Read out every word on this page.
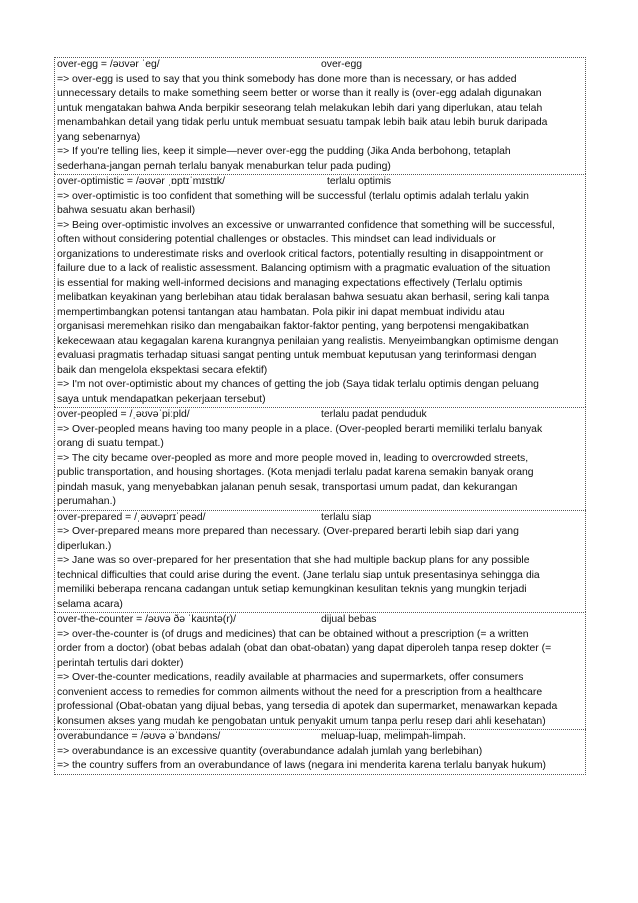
over-egg = /əʊvər ˈeg/	over-egg
=> over-egg is used to say that you think somebody has done more than is necessary, or has added
unnecessary details to make something seem better or worse than it really is (over-egg adalah digunakan
untuk mengatakan bahwa Anda berpikir seseorang telah melakukan lebih dari yang diperlukan, atau telah
menambahkan detail yang tidak perlu untuk membuat sesuatu tampak lebih baik atau lebih buruk daripada
yang sebenarnya)
=> If you're telling lies, keep it simple—never over-egg the pudding (Jika Anda berbohong, tetaplah
sederhana-jangan pernah terlalu banyak menaburkan telur pada puding)
over-optimistic = /əʊvər ˌɒptɪˈmɪstɪk/	terlalu optimis
=> over-optimistic is too confident that something will be successful (terlalu optimis adalah terlalu yakin
bahwa sesuatu akan berhasil)
=> Being over-optimistic involves an excessive or unwarranted confidence that something will be successful,
often without considering potential challenges or obstacles. This mindset can lead individuals or
organizations to underestimate risks and overlook critical factors, potentially resulting in disappointment or
failure due to a lack of realistic assessment. Balancing optimism with a pragmatic evaluation of the situation
is essential for making well-informed decisions and managing expectations effectively (Terlalu optimis
melibatkan keyakinan yang berlebihan atau tidak beralasan bahwa sesuatu akan berhasil, sering kali tanpa
mempertimbangkan potensi tantangan atau hambatan. Pola pikir ini dapat membuat individu atau
organisasi meremehkan risiko dan mengabaikan faktor-faktor penting, yang berpotensi mengakibatkan
kekecewaan atau kegagalan karena kurangnya penilaian yang realistis. Menyeimbangkan optimisme dengan
evaluasi pragmatis terhadap situasi sangat penting untuk membuat keputusan yang terinformasi dengan
baik dan mengelola ekspektasi secara efektif)
=> I'm not over-optimistic about my chances of getting the job (Saya tidak terlalu optimis dengan peluang
saya untuk mendapatkan pekerjaan tersebut)
over-peopled = /ˌəʊvəˈpiːpld/	terlalu padat penduduk
=> Over-peopled means having too many people in a place. (Over-peopled berarti memiliki terlalu banyak
orang di suatu tempat.)
=> The city became over-peopled as more and more people moved in, leading to overcrowded streets,
public transportation, and housing shortages. (Kota menjadi terlalu padat karena semakin banyak orang
pindah masuk, yang menyebabkan jalanan penuh sesak, transportasi umum padat, dan kekurangan
perumahan.)
over-prepared = /ˌəʊvəprɪˈpeəd/	terlalu siap
=> Over-prepared means more prepared than necessary. (Over-prepared berarti lebih siap dari yang
diperlukan.)
=> Jane was so over-prepared for her presentation that she had multiple backup plans for any possible
technical difficulties that could arise during the event. (Jane terlalu siap untuk presentasinya sehingga dia
memiliki beberapa rencana cadangan untuk setiap kemungkinan kesulitan teknis yang mungkin terjadi
selama acara)
over-the-counter = /əʊvə ðə ˈkaʊntə(r)/	dijual bebas
=> over-the-counter is (of drugs and medicines) that can be obtained without a prescription (= a written
order from a doctor) (obat bebas adalah (obat dan obat-obatan) yang dapat diperoleh tanpa resep dokter (=
perintah tertulis dari dokter)
=> Over-the-counter medications, readily available at pharmacies and supermarkets, offer consumers
convenient access to remedies for common ailments without the need for a prescription from a healthcare
professional (Obat-obatan yang dijual bebas, yang tersedia di apotek dan supermarket, menawarkan kepada
konsumen akses yang mudah ke pengobatan untuk penyakit umum tanpa perlu resep dari ahli kesehatan)
overabundance = /əʊvə əˈbʌndəns/	meluap-luap, melimpah-limpah.
=> overabundance is an excessive quantity (overabundance adalah jumlah yang berlebihan)
=> the country suffers from an overabundance of laws (negara ini menderita karena terlalu banyak hukum)
